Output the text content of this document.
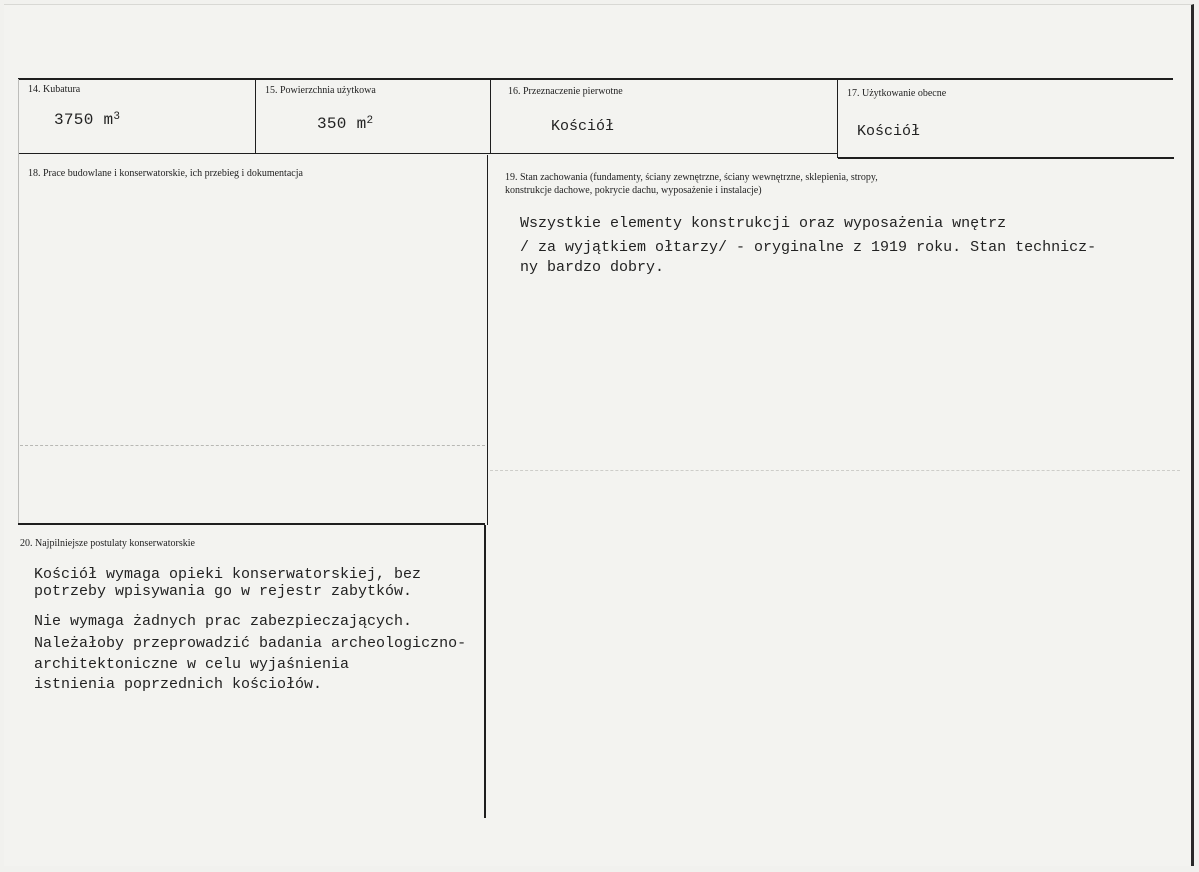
14. Kubatura
3750 $m^3$
15. Powierzchnia użytkowa
350 $m^2$
16. Przeznaczenie pierwotne
Kościół
17. Użytkowanie obecne
Kościół
18. Prace budowlane i konserwatorskie, ich przebieg i dokumentacja	19. Stan zachowania (fundamenty, ściany zewnętrzne, ściany wewnętrzne, sklepienia, stropy,
konstrukcje dachowe, pokrycie dachu, wyposażenie i instalacje)
Wszystkie elementy konstrukcji oraz wyposażenia wnętrz
/ za wyjątkiem ołtarzy/ - oryginalne z 1919 roku. Stan technicz-
ny bardzo dobry.
20. Najpilniejsze postulaty konserwatorskie
Kościół wymaga opieki konserwatorskiej, bez
potrzeby wpisywania go w rejestr zabytków.
Nie wymaga żadnych prac zabezpieczających.
Należałoby przeprowadzić badania archeologiczno-
architektoniczne w celu wyjaśnienia
istnienia poprzednich kościołów.
